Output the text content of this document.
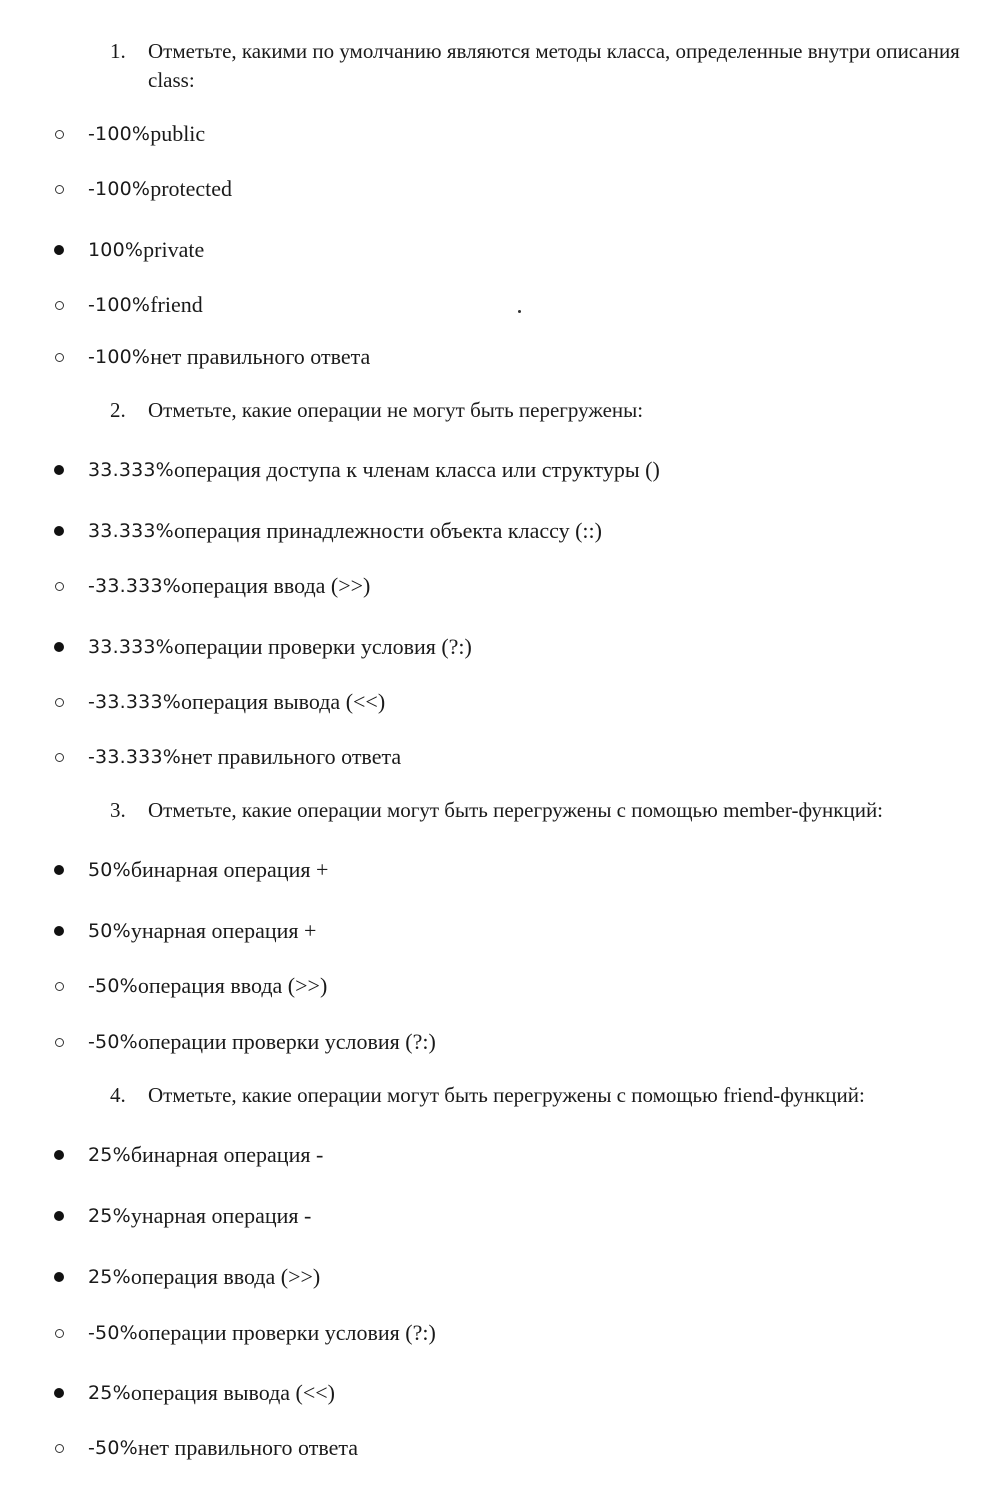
1.	Отметьте, какими по умолчанию являются методы класса, определенные внутри описания class:
-100% public
-100% protected
100% private
-100% friend
-100% нет правильного ответа
2.	Отметьте, какие операции не могут быть перегружены:
33.333% операция доступа к членам класса или структуры ()
33.333% операция принадлежности объекта классу (::)
-33.333% операция ввода (>>)
33.333% операции проверки условия (?:)
-33.333% операция вывода (<<)
-33.333% нет правильного ответа
3.	Отметьте, какие операции могут быть перегружены с помощью member-функций:
50% бинарная операция +
50% унарная операция +
-50% операция ввода (>>)
-50% операции проверки условия (?:)
4.	Отметьте, какие операции могут быть перегружены с помощью friend-функций:
25% бинарная операция -
25% унарная операция -
25% операция ввода (>>)
-50% операции проверки условия (?:)
25% операция вывода (<<)
-50% нет правильного ответа
